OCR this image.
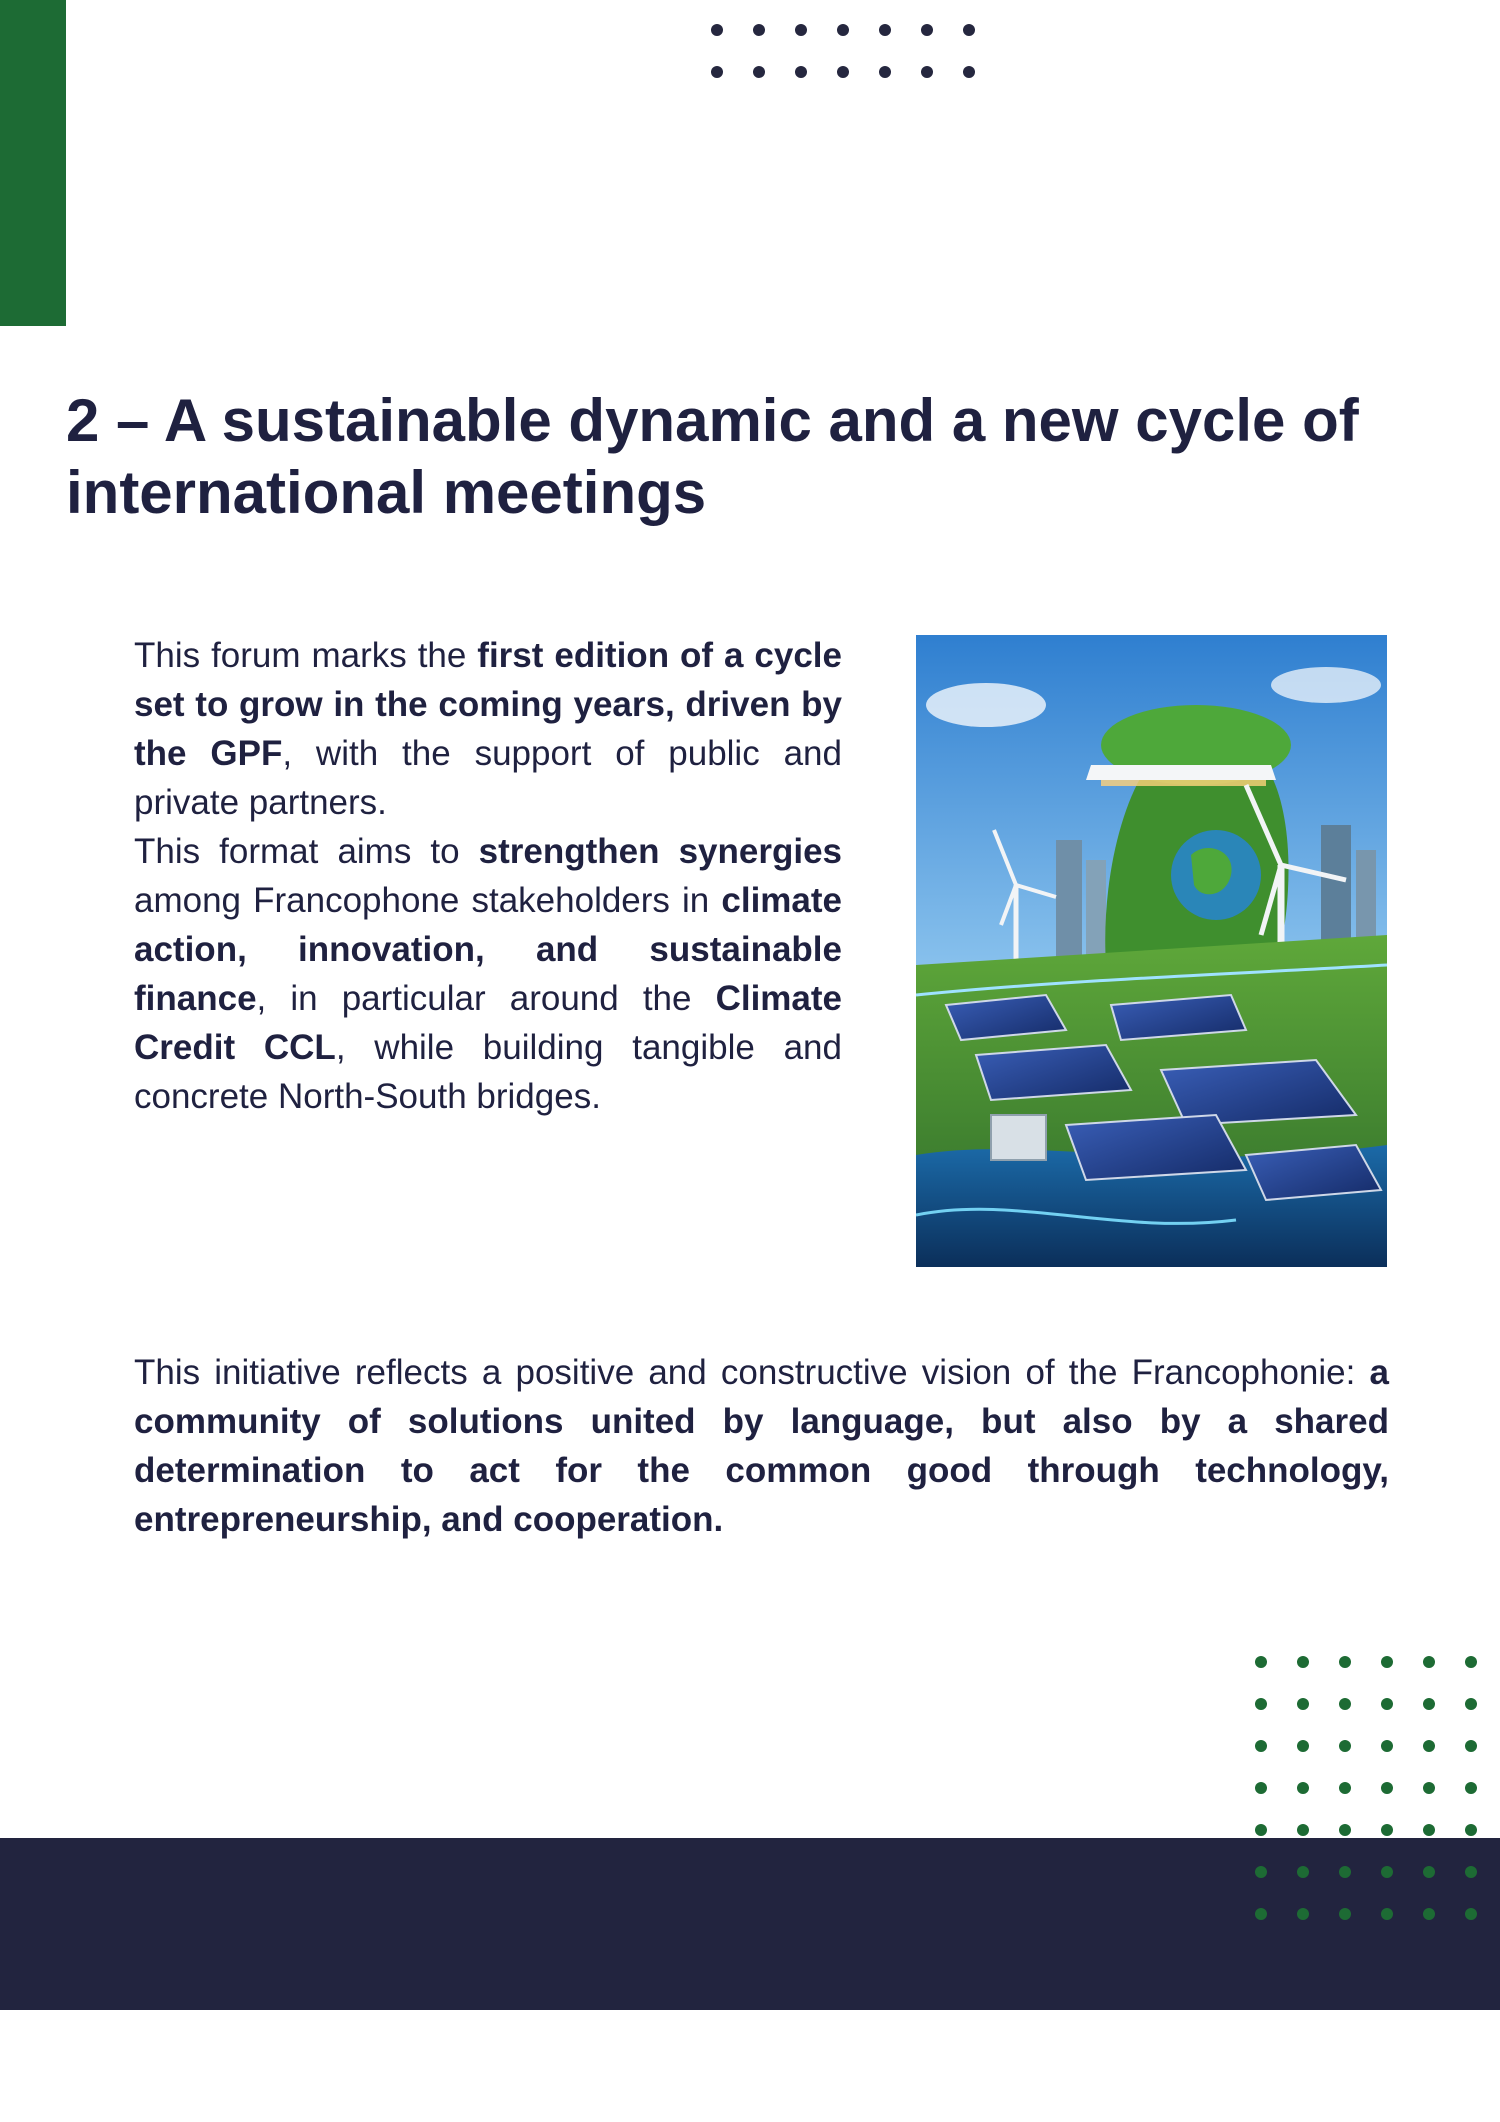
2 – A sustainable dynamic and a new cycle of international meetings

This forum marks the first edition of a cycle set to grow in the coming years, driven by the GPF, with the support of public and private partners.
This format aims to strengthen synergies among Francophone stakeholders in climate action, innovation, and sustainable finance, in particular around the Climate Credit CCL, while building tangible and concrete North-South bridges.

This initiative reflects a positive and constructive vision of the Francophonie: a community of solutions united by language, but also by a shared determination to act for the common good through technology, entrepreneurship, and cooperation.
